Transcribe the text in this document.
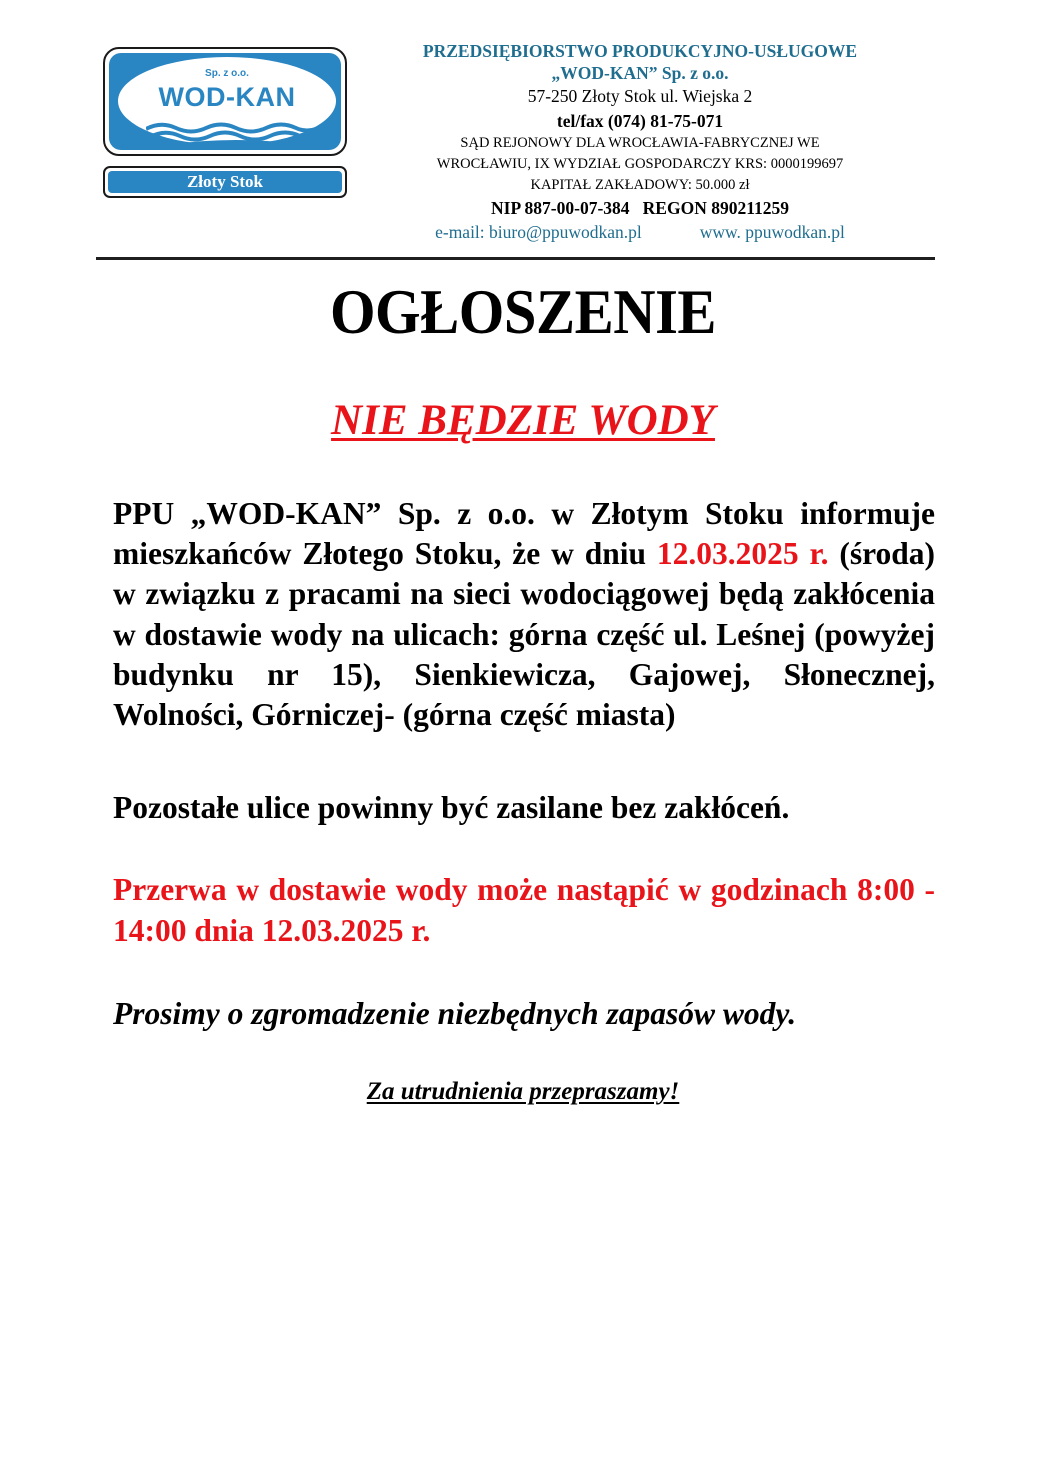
Sp. z o.o.
WOD-KAN
Złoty Stok
PRZEDSIĘBIORSTWO PRODUKCYJNO-USŁUGOWE
„WOD-KAN” Sp. z o.o.
57-250 Złoty Stok ul. Wiejska 2
tel/fax (074) 81-75-071
SĄD REJONOWY DLA WROCŁAWIA-FABRYCZNEJ WE
WROCŁAWIU, IX WYDZIAŁ GOSPODARCZY KRS: 0000199697
KAPITAŁ ZAKŁADOWY: 50.000 zł
NIP 887-00-07-384   REGON 890211259
e-mail: biuro@ppuwodkan.pl	www. ppuwodkan.pl
OGŁOSZENIE
NIE BĘDZIE WODY
PPU „WOD-KAN” Sp. z o.o. w Złotym Stoku informuje mieszkańców Złotego Stoku, że w dniu 12.03.2025 r. (środa) w związku z pracami na sieci wodociągowej będą zakłócenia w dostawie wody na ulicach: górna część ul. Leśnej (powyżej budynku nr 15), Sienkiewicza, Gajowej, Słonecznej, Wolności, Górniczej- (górna część miasta)
Pozostałe ulice powinny być zasilane bez zakłóceń.
Przerwa w dostawie wody może nastąpić w godzinach 8:00 - 14:00 dnia 12.03.2025 r.
Prosimy o zgromadzenie niezbędnych zapasów wody.
Za utrudnienia przepraszamy!
